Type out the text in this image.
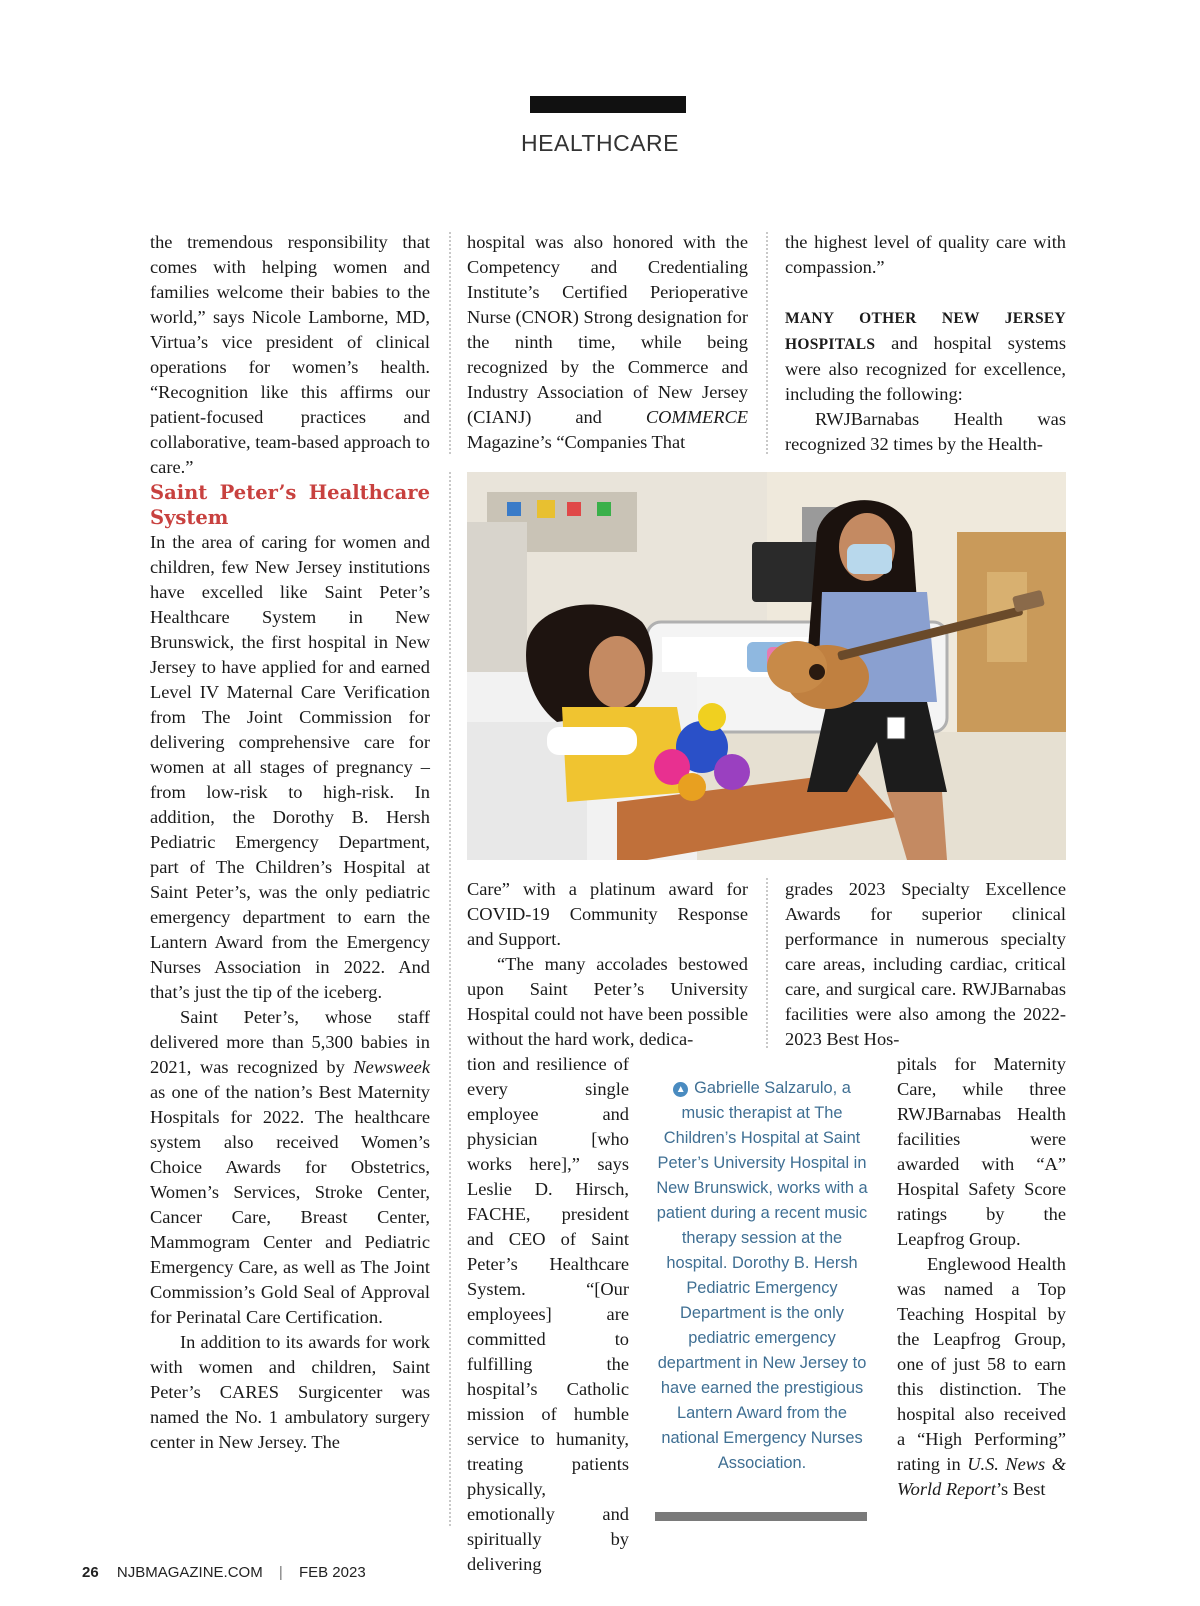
HEALTHCARE

the tremendous responsibility that comes with helping women and families welcome their babies to the world,” says Nicole Lamborne, MD, Virtua’s vice president of clinical operations for women’s health. “Recognition like this affirms our patient-focused practices and collaborative, team-based approach to care.”

Saint Peter’s Healthcare System

In the area of caring for women and children, few New Jersey institutions have excelled like Saint Peter’s Healthcare System in New Brunswick, the first hospital in New Jersey to have applied for and earned Level IV Maternal Care Verification from The Joint Commission for delivering comprehensive care for women at all stages of pregnancy – from low-risk to high-risk. In addition, the Dorothy B. Hersh Pediatric Emergency Department, part of The Children’s Hospital at Saint Peter’s, was the only pediatric emergency department to earn the Lantern Award from the Emergency Nurses Association in 2022. And that’s just the tip of the iceberg.

Saint Peter’s, whose staff delivered more than 5,300 babies in 2021, was recognized by Newsweek as one of the nation’s Best Maternity Hospitals for 2022. The healthcare system also received Women’s Choice Awards for Obstetrics, Women’s Services, Stroke Center, Cancer Care, Breast Center, Mammogram Center and Pediatric Emergency Care, as well as The Joint Commission’s Gold Seal of Approval for Perinatal Care Certification.

In addition to its awards for work with women and children, Saint Peter’s CARES Surgicenter was named the No. 1 ambulatory surgery center in New Jersey. The

hospital was also honored with the Competency and Credentialing Institute’s Certified Perioperative Nurse (CNOR) Strong designation for the ninth time, while being recognized by the Commerce and Industry Association of New Jersey (CIANJ) and COMMERCE Magazine’s “Companies That

the highest level of quality care with compassion.”

MANY OTHER NEW JERSEY HOSPITALS and hospital systems were also recognized for excellence, including the following:

RWJBarnabas Health was recognized 32 times by the Health-

Care” with a platinum award for COVID-19 Community Response and Support.

“The many accolades bestowed upon Saint Peter’s University Hospital could not have been possible without the hard work, dedica-

tion and resilience of every single employee and physician [who works here],” says Leslie D. Hirsch, FACHE, president and CEO of Saint Peter’s Healthcare System. “[Our employees] are committed to fulfilling the hospital’s Catholic mission of humble service to humanity, treating patients physically, emotionally and spiritually by delivering

grades 2023 Specialty Excellence Awards for superior clinical performance in numerous specialty care areas, including cardiac, critical care, and surgical care. RWJBarnabas facilities were also among the 2022-2023 Best Hos-

pitals for Maternity Care, while three RWJBarnabas Health facilities were awarded with “A” Hospital Safety Score ratings by the Leapfrog Group.

Englewood Health was named a Top Teaching Hospital by the Leapfrog Group, one of just 58 to earn this distinction. The hospital also received a “High Performing” rating in U.S. News & World Report’s Best

▲ Gabrielle Salzarulo, a music therapist at The Children’s Hospital at Saint Peter’s University Hospital in New Brunswick, works with a patient during a recent music therapy session at the hospital. Dorothy B. Hersh Pediatric Emergency Department is the only pediatric emergency department in New Jersey to have earned the prestigious Lantern Award from the national Emergency Nurses Association.
26 NJBMAGAZINE.COM | FEB 2023
